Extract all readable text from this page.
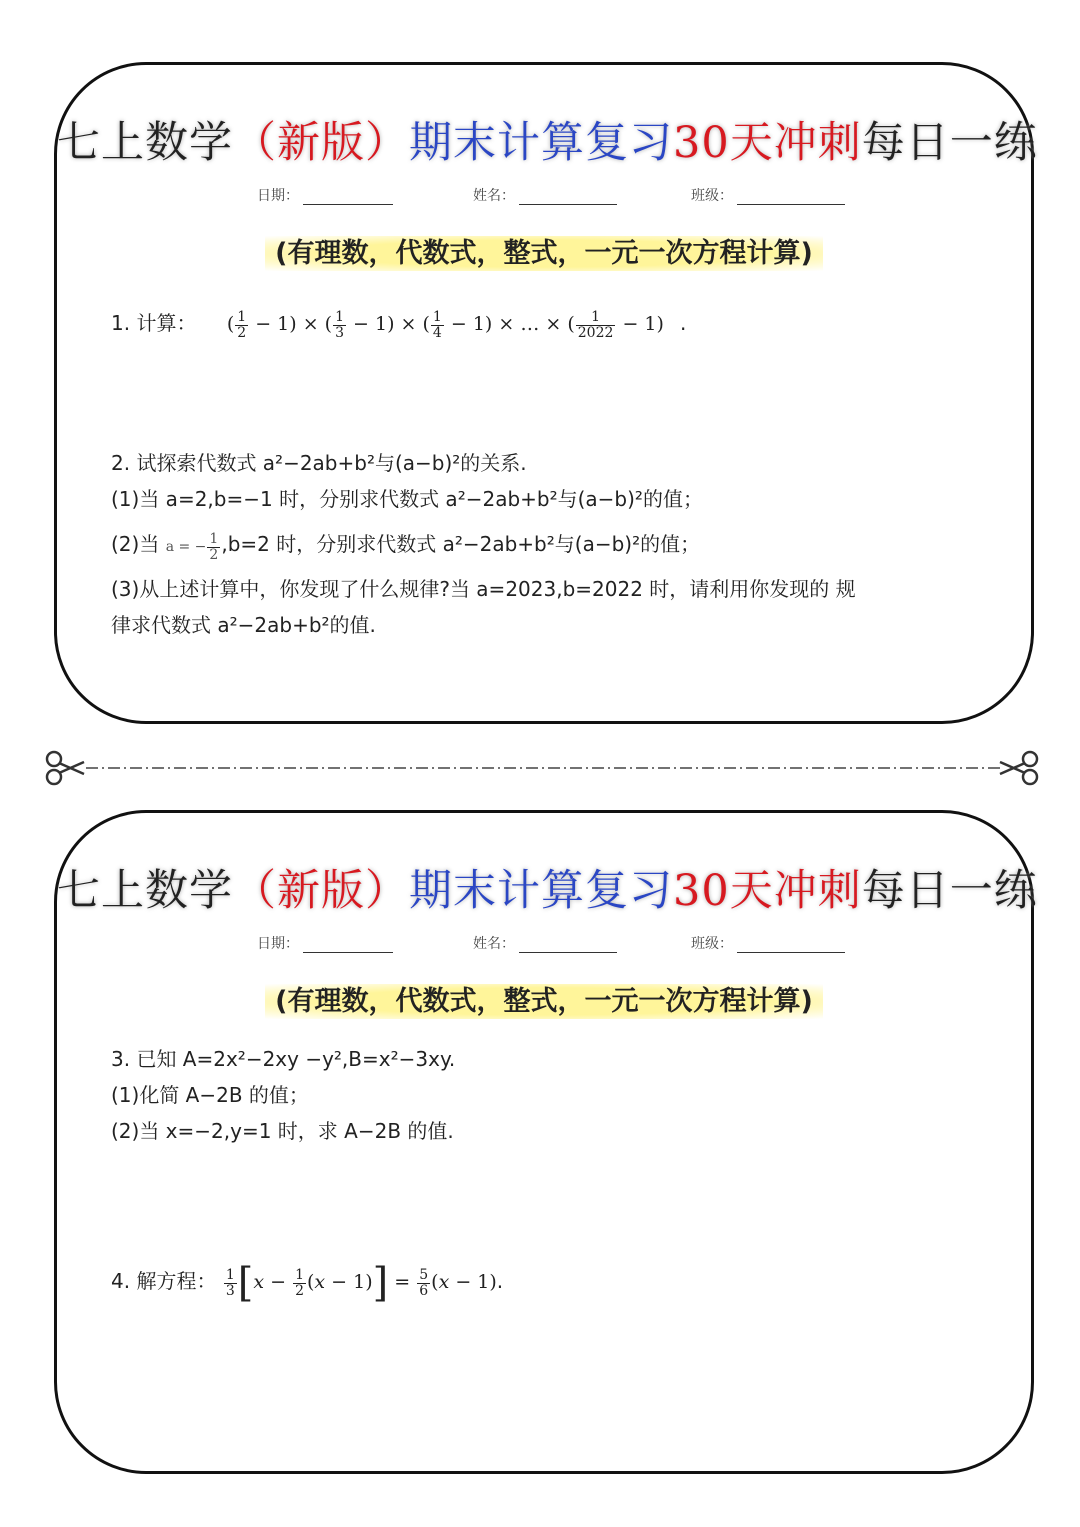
七上数学（新版）期末计算复习30天冲刺每日一练
日期：	姓名：	班级：
(有理数，代数式，整式，一元一次方程计算)
1. 计算： ( $\frac{1}{2} - 1$) × ( $\frac{1}{3} - 1$) × ( $\frac{1}{4} - 1$) × … × ( $\frac{1}{2022} - 1$) .
2. 试探索代数式 a²−2ab+b²与(a−b)²的关系.
(1)当 a=2,b=−1 时，分别求代数式 a²−2ab+b²与(a−b)²的值；
(2)当 a = − $\frac{1}{2} ,b=2$ 时，分别求代数式 a²−2ab+b²与(a−b)²的值；
(3)从上述计算中，你发现了什么规律?当 a=2023,b=2022 时，请利用你发现的 规
律求代数式 a²−2ab+b²的值.
七上数学（新版）期末计算复习30天冲刺每日一练
日期：	姓名：	班级：
(有理数，代数式，整式，一元一次方程计算)
3. 已知 A=2x²−2xy −y²,B=x²−3xy.
(1)化简 A−2B 的值；
(2)当 x=−2,y=1 时，求 A−2B 的值.
4. 解方程： $\frac{1}{3} [x - \frac{1}{2} (x - 1)] = \frac{5}{6} (x - 1)$.
